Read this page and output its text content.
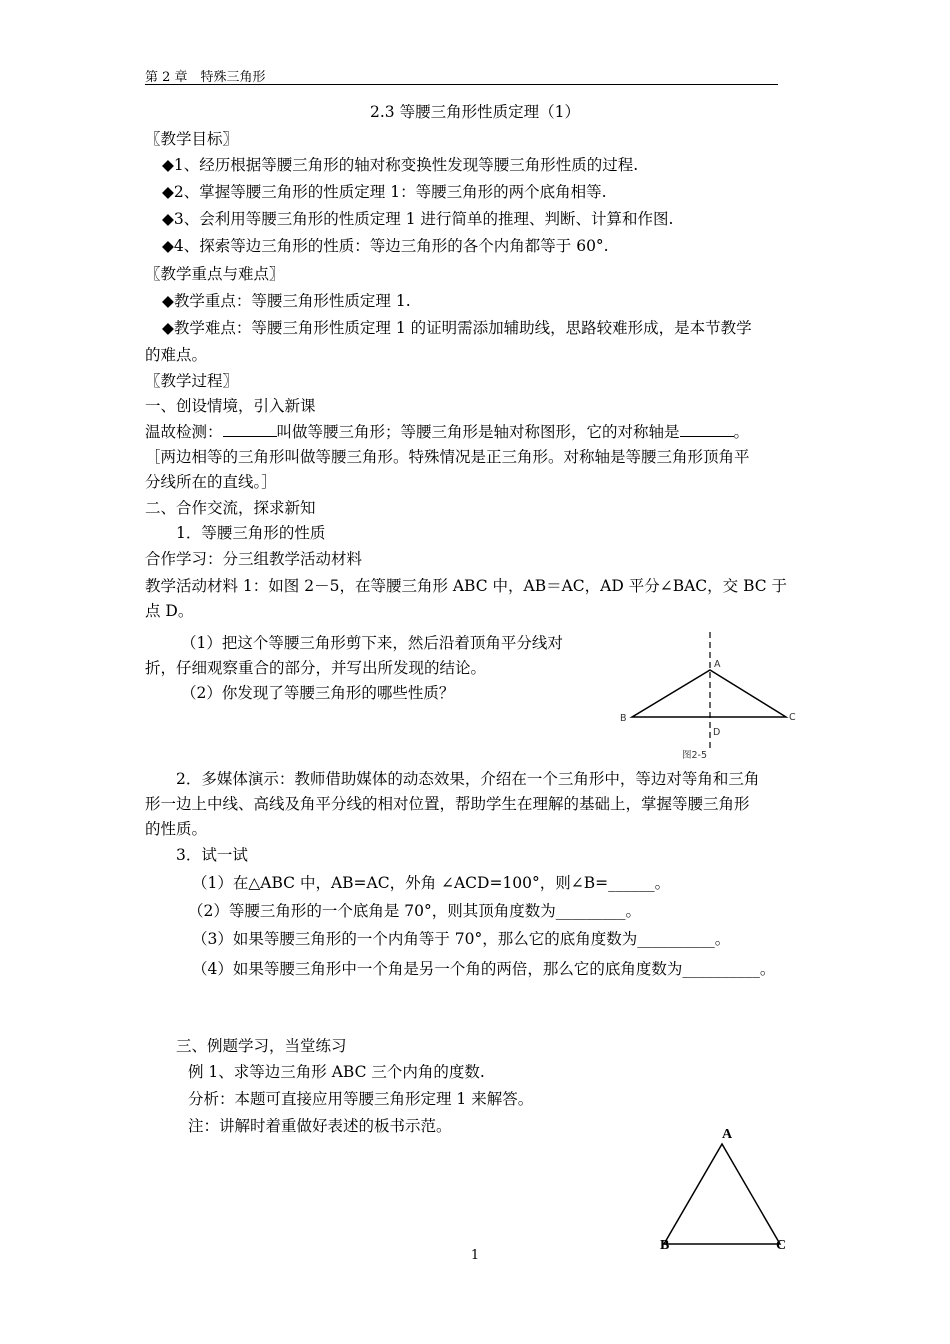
第 2 章　特殊三角形
2.3 等腰三角形性质定理（1）
〖教学目标〗
◆1、经历根据等腰三角形的轴对称变换性发现等腰三角形性质的过程.
◆2、掌握等腰三角形的性质定理 1：等腰三角形的两个底角相等.
◆3、会利用等腰三角形的性质定理 1 进行简单的推理、判断、计算和作图.
◆4、探索等边三角形的性质：等边三角形的各个内角都等于 60°.
〖教学重点与难点〗
◆教学重点：等腰三角形性质定理 1.
◆教学难点：等腰三角形性质定理 1 的证明需添加辅助线，思路较难形成，是本节教学
的难点。
〖教学过程〗
一、创设情境，引入新课
温故检测：	叫做等腰三角形；等腰三角形是轴对称图形，它的对称轴是	。
［两边相等的三角形叫做等腰三角形。特殊情况是正三角形。对称轴是等腰三角形顶角平
分线所在的直线。］
二、合作交流，探求新知
1．等腰三角形的性质
合作学习：分三组教学活动材料
教学活动材料 1：如图 2－5，在等腰三角形 ABC 中，AB＝AC，AD 平分∠BAC，交 BC 于
点 D。
（1）把这个等腰三角形剪下来，然后沿着顶角平分线对
折，仔细观察重合的部分，并写出所发现的结论。
（2）你发现了等腰三角形的哪些性质？
A
B	C
D
图2-5
2．多媒体演示：教师借助媒体的动态效果，介绍在一个三角形中，等边对等角和三角
形一边上中线、高线及角平分线的相对位置，帮助学生在理解的基础上，掌握等腰三角形
的性质。
3．试一试
（1）在△ABC 中，AB=AC，外角 ∠ACD=100°，则∠B=______。
（2）等腰三角形的一个底角是 70°，则其顶角度数为_________。
（3）如果等腰三角形的一个内角等于 70°，那么它的底角度数为__________。
（4）如果等腰三角形中一个角是另一个角的两倍，那么它的底角度数为__________。
三、例题学习，当堂练习
例 1、求等边三角形 ABC 三个内角的度数.
分析：本题可直接应用等腰三角形定理 1 来解答。
注：讲解时着重做好表述的板书示范。	A
B	C
1
